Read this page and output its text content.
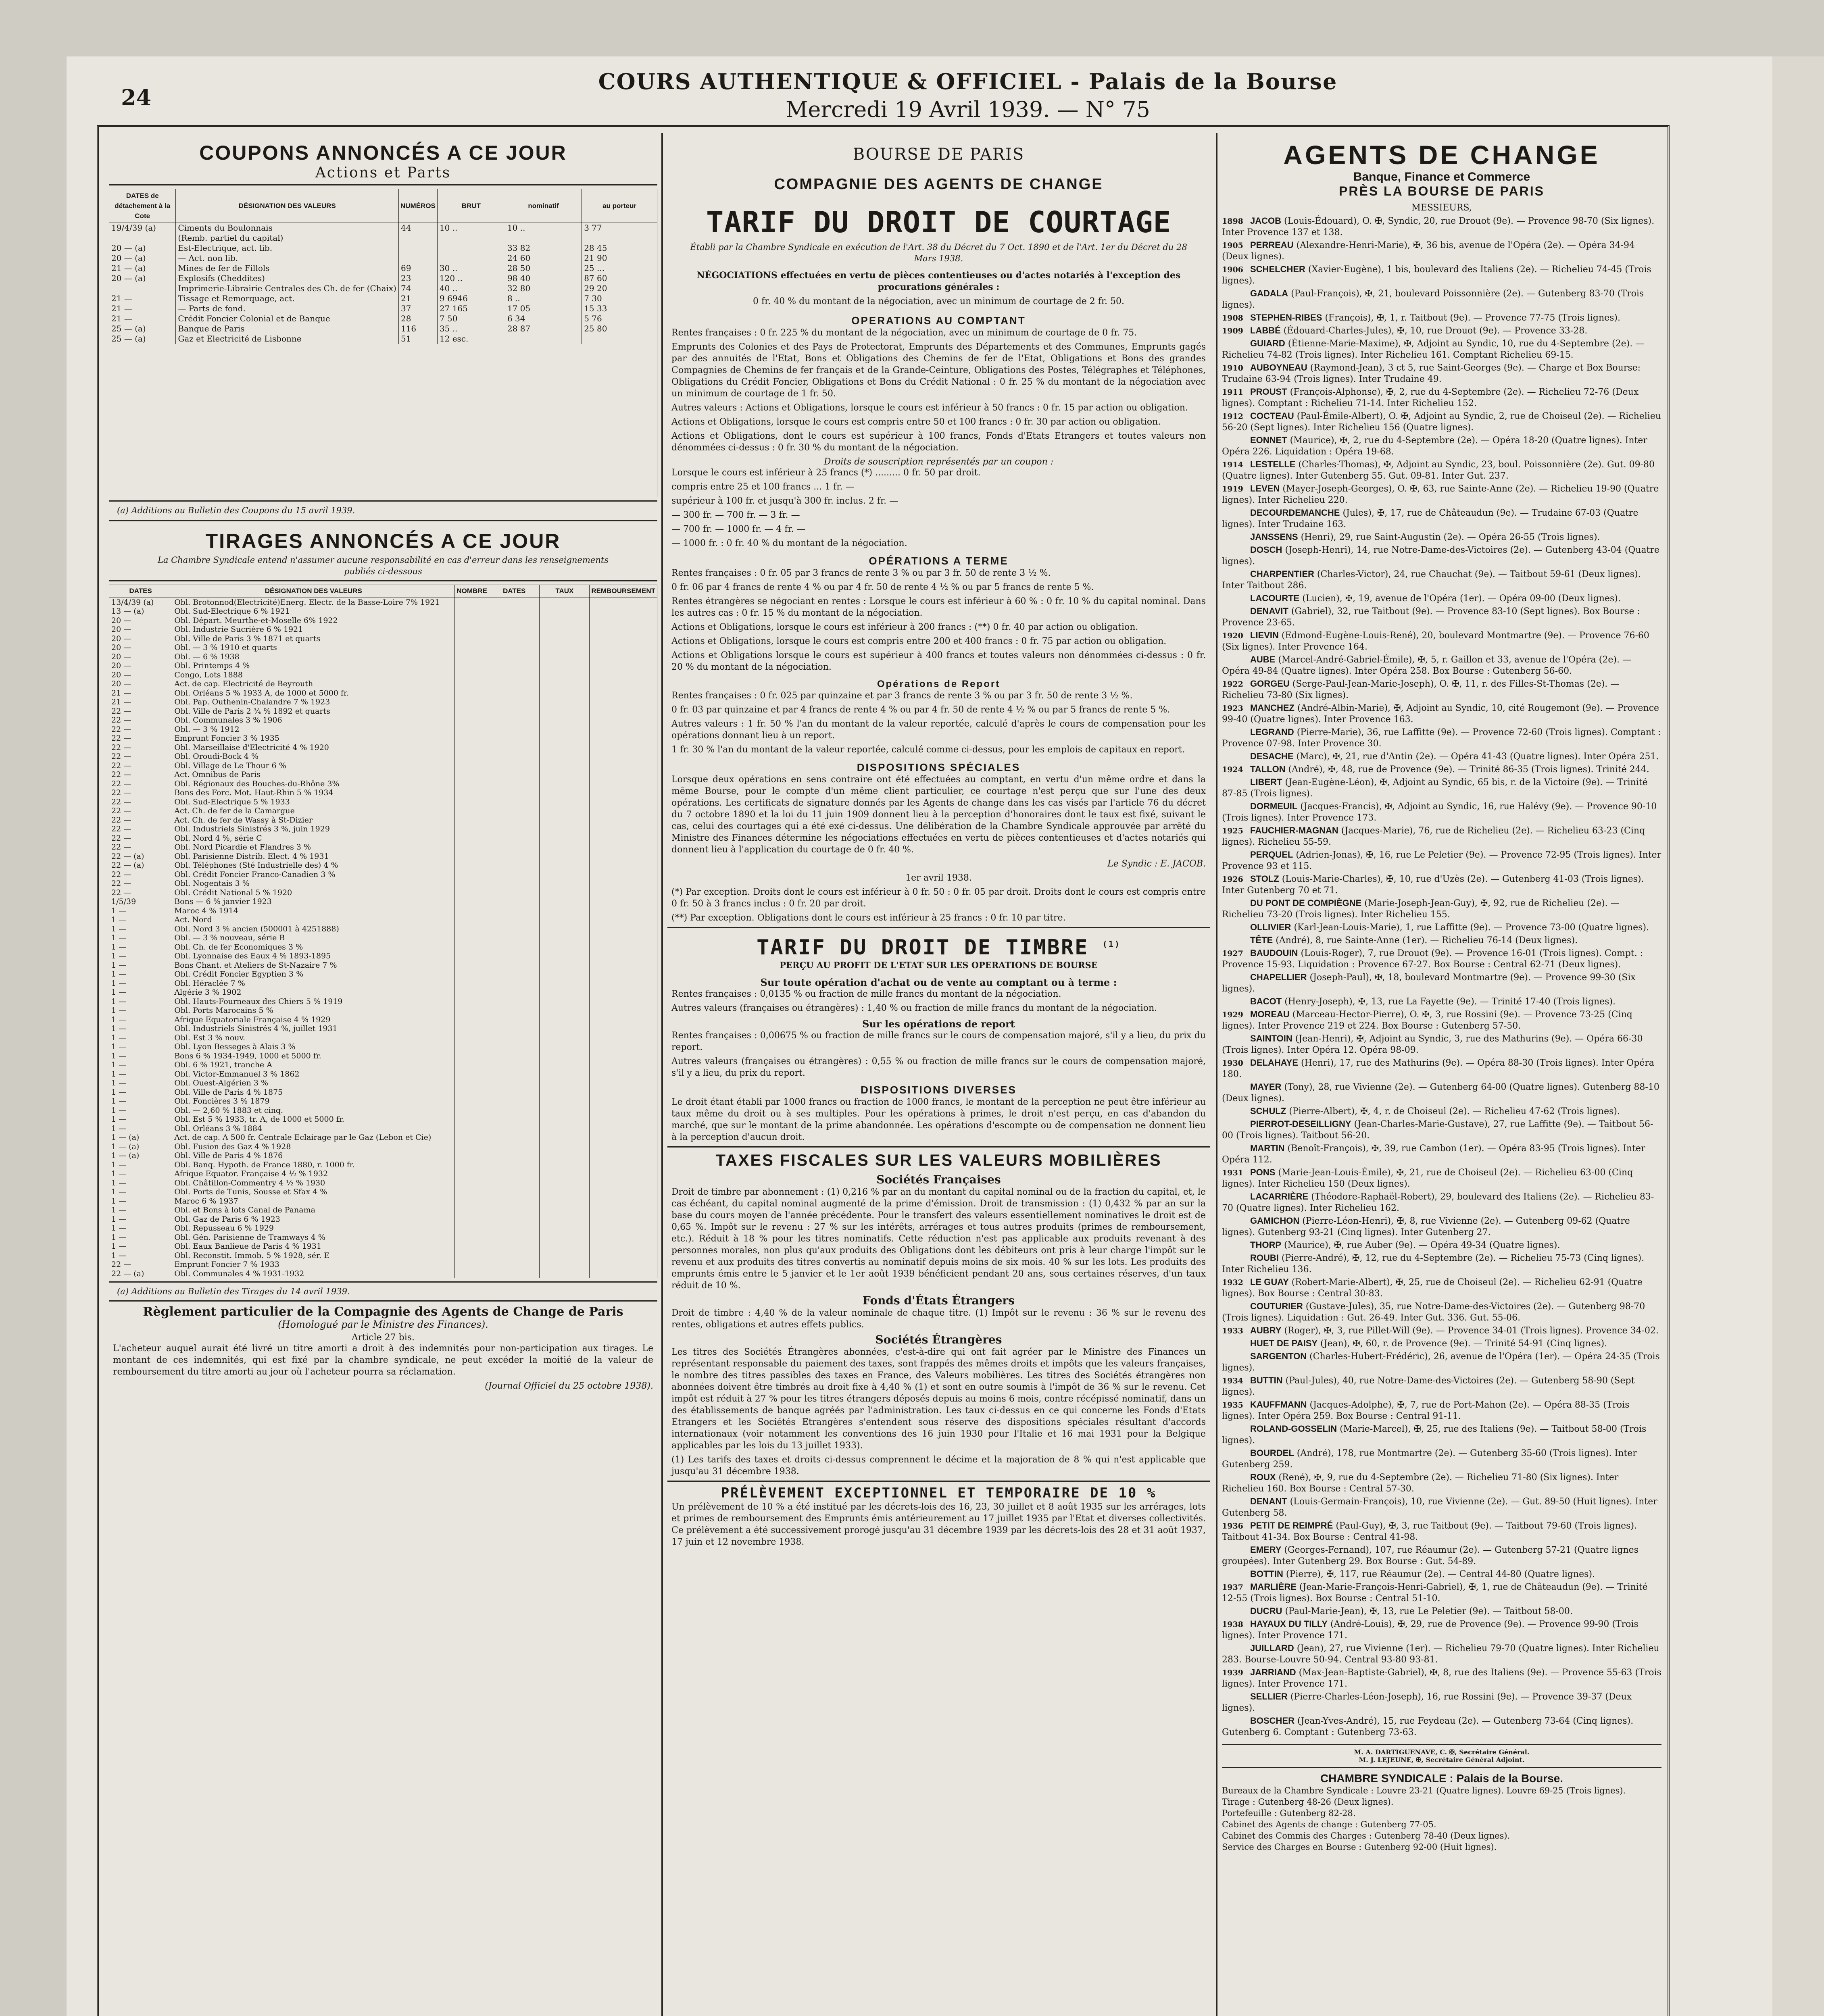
24
COURS AUTHENTIQUE & OFFICIEL - Palais de la Bourse
Mercredi 19 Avril 1939. — N° 75
COUPONS ANNONCÉS A CE JOUR
Actions et Parts
DATES de détachement à la Cote	DÉSIGNATION DES VALEURS	NUMÉROS	BRUT	nominatif	au porteur
19/4/39 (a)	Ciments du Boulonnais	44	10 ..	10 ..	3 77
	(Remb. partiel du capital)				
20 — (a)	Est-Electrique, act. lib.			33 82	28 45
20 — (a)	— Act. non lib.			24 60	21 90
21 — (a)	Mines de fer de Fillols	69	30 ..	28 50	25 ...
20 — (a)	Explosifs (Cheddites)	23	120 ..	98 40	87 60
	Imprimerie-Librairie Centrales des Ch. de fer (Chaix)	74	40 ..	32 80	29 20
21 —	Tissage et Remorquage, act.	21	9 6946	8 ..	7 30
21 —	— Parts de fond.	37	27 165	17 05	15 33
21 —	Crédit Foncier Colonial et de Banque	28	7 50	6 34	5 76
25 — (a)	Banque de Paris	116	35 ..	28 87	25 80
25 — (a)	Gaz et Electricité de Lisbonne	51	12 esc.		
(a) Additions au Bulletin des Coupons du 15 avril 1939.
TIRAGES ANNONCÉS A CE JOUR
La Chambre Syndicale entend n'assumer aucune responsabilité en cas d'erreur dans les renseignements publiés ci-dessous
DATES	DÉSIGNATION DES VALEURS	NOMBRE	DATES	TAUX	REMBOURSEMENT
13/4/39 (a)	Obl. Brotonnod(Electricité)Energ. Electr. de la Basse-Loire 7% 1921				
13 — (a)	Obl. Sud-Electrique 6 % 1921				
20 —	Obl. Départ. Meurthe-et-Moselle 6% 1922				
20 —	Obl. Industrie Sucrière 6 % 1921				
20 —	Obl. Ville de Paris 3 % 1871 et quarts				
20 —	Obl. — 3 % 1910 et quarts				
20 —	Obl. — 6 % 1938				
20 —	Obl. Printemps 4 %				
20 —	Congo, Lots 1888				
20 —	Act. de cap. Electricité de Beyrouth				
21 —	Obl. Orléans 5 % 1933 A, de 1000 et 5000 fr.				
21 —	Obl. Pap. Outhenin-Chalandre 7 % 1923				
22 —	Obl. Ville de Paris 2 ¾ % 1892 et quarts				
22 —	Obl. Communales 3 % 1906				
22 —	Obl. — 3 % 1912				
22 —	Emprunt Foncier 3 % 1935				
22 —	Obl. Marseillaise d'Electricité 4 % 1920				
22 —	Obl. Oroudi-Bock 4 %				
22 —	Obl. Village de Le Thour 6 %				
22 —	Act. Omnibus de Paris				
22 —	Obl. Régionaux des Bouches-du-Rhône 3%				
22 —	Bons des Forc. Mot. Haut-Rhin 5 % 1934				
22 —	Obl. Sud-Electrique 5 % 1933				
22 —	Act. Ch. de fer de la Camargue				
22 —	Act. Ch. de fer de Wassy à St-Dizier				
22 —	Obl. Industriels Sinistrés 3 %, juin 1929				
22 —	Obl. Nord 4 %, série C				
22 —	Obl. Nord Picardie et Flandres 3 %				
22 — (a)	Obl. Parisienne Distrib. Elect. 4 % 1931				
22 — (a)	Obl. Téléphones (Sté Industrielle des) 4 %				
22 —	Obl. Crédit Foncier Franco-Canadien 3 %				
22 —	Obl. Nogentais 3 %				
22 —	Obl. Crédit National 5 % 1920				
1/5/39	Bons — 6 % janvier 1923				
1 —	Maroc 4 % 1914				
1 —	Act. Nord				
1 —	Obl. Nord 3 % ancien (500001 à 4251888)				
1 —	Obl. — 3 % nouveau, série B				
1 —	Obl. Ch. de fer Economiques 3 %				
1 —	Obl. Lyonnaise des Eaux 4 % 1893-1895				
1 —	Bons Chant. et Ateliers de St-Nazaire 7 %				
1 —	Obl. Crédit Foncier Egyptien 3 %				
1 —	Obl. Héraclée 7 %				
1 —	Algérie 3 % 1902				
1 —	Obl. Hauts-Fourneaux des Chiers 5 % 1919				
1 —	Obl. Ports Marocains 5 %				
1 —	Afrique Equatoriale Française 4 % 1929				
1 —	Obl. Industriels Sinistrés 4 %, juillet 1931				
1 —	Obl. Est 3 % nouv.				
1 —	Obl. Lyon Besseges à Alais 3 %				
1 —	Bons 6 % 1934-1949, 1000 et 5000 fr.				
1 —	Obl. 6 % 1921, tranche A				
1 —	Obl. Victor-Emmanuel 3 % 1862				
1 —	Obl. Ouest-Algérien 3 %				
1 —	Obl. Ville de Paris 4 % 1875				
1 —	Obl. Foncières 3 % 1879				
1 —	Obl. — 2,60 % 1883 et cinq.				
1 —	Obl. Est 5 % 1933, tr. A, de 1000 et 5000 fr.				
1 —	Obl. Orléans 3 % 1884				
1 — (a)	Act. de cap. A 500 fr. Centrale Eclairage par le Gaz (Lebon et Cie)				
1 — (a)	Obl. Fusion des Gaz 4 % 1928				
1 — (a)	Obl. Ville de Paris 4 % 1876				
1 —	Obl. Banq. Hypoth. de France 1880, r. 1000 fr.				
1 —	Afrique Equator. Française 4 ½ % 1932				
1 —	Obl. Châtillon-Commentry 4 ½ % 1930				
1 —	Obl. Ports de Tunis, Sousse et Sfax 4 %				
1 —	Maroc 6 % 1937				
1 —	Obl. et Bons à lots Canal de Panama				
1 —	Obl. Gaz de Paris 6 % 1923				
1 —	Obl. Repusseau 6 % 1929				
1 —	Obl. Gén. Parisienne de Tramways 4 %				
1 —	Obl. Eaux Banlieue de Paris 4 % 1931				
1 —	Obl. Reconstit. Immob. 5 % 1928, sér. E				
22 —	Emprunt Foncier 7 % 1933				
22 — (a)	Obl. Communales 4 % 1931-1932				
(a) Additions au Bulletin des Tirages du 14 avril 1939.
Règlement particulier de la Compagnie des Agents de Change de Paris
(Homologué par le Ministre des Finances).
Article 27 bis.
L'acheteur auquel aurait été livré un titre amorti a droit à des indemnités pour non-participation aux tirages. Le montant de ces indemnités, qui est fixé par la chambre syndicale, ne peut excéder la moitié de la valeur de remboursement du titre amorti au jour où l'acheteur pourra sa réclamation.
(Journal Officiel du 25 octobre 1938).
BOURSE DE PARIS
COMPAGNIE DES AGENTS DE CHANGE
TARIF DU DROIT DE COURTAGE
Établi par la Chambre Syndicale en exécution de l'Art. 38 du Décret du 7 Oct. 1890 et de l'Art. 1er du Décret du 28 Mars 1938.
NÉGOCIATIONS effectuées en vertu de pièces contentieuses ou d'actes notariés à l'exception des procurations générales :
0 fr. 40 % du montant de la négociation, avec un minimum de courtage de 2 fr. 50.
OPERATIONS AU COMPTANT
Rentes françaises : 0 fr. 225 % du montant de la négociation, avec un minimum de courtage de 0 fr. 75.
Emprunts des Colonies et des Pays de Protectorat, Emprunts des Départements et des Communes, Emprunts gagés par des annuités de l'Etat, Bons et Obligations des Chemins de fer de l'Etat, Obligations et Bons des grandes Compagnies de Chemins de fer français et de la Grande-Ceinture, Obligations des Postes, Télégraphes et Téléphones, Obligations du Crédit Foncier, Obligations et Bons du Crédit National : 0 fr. 25 % du montant de la négociation avec un minimum de courtage de 1 fr. 50.
Autres valeurs : Actions et Obligations, lorsque le cours est inférieur à 50 francs : 0 fr. 15 par action ou obligation.
Actions et Obligations, lorsque le cours est compris entre 50 et 100 francs : 0 fr. 30 par action ou obligation.
Actions et Obligations, dont le cours est supérieur à 100 francs, Fonds d'Etats Etrangers et toutes valeurs non dénommées ci-dessus : 0 fr. 30 % du montant de la négociation.
Droits de souscription représentés par un coupon :
Lorsque le cours est inférieur à 25 francs (*) ......... 0 fr. 50 par droit.
compris entre 25 et 100 francs ... 1 fr. —
supérieur à 100 fr. et jusqu'à 300 fr. inclus. 2 fr. —
— 300 fr. — 700 fr. — 3 fr. —
— 700 fr. — 1000 fr. — 4 fr. —
— 1000 fr. : 0 fr. 40 % du montant de la négociation.
OPÉRATIONS A TERME
Rentes françaises : 0 fr. 05 par 3 francs de rente 3 % ou par 3 fr. 50 de rente 3 ½ %.
0 fr. 06 par 4 francs de rente 4 % ou par 4 fr. 50 de rente 4 ½ % ou par 5 francs de rente 5 %.
Rentes étrangères se négociant en rentes : Lorsque le cours est inférieur à 60 % : 0 fr. 10 % du capital nominal. Dans les autres cas : 0 fr. 15 % du montant de la négociation.
Actions et Obligations, lorsque le cours est inférieur à 200 francs : (**) 0 fr. 40 par action ou obligation.
Actions et Obligations, lorsque le cours est compris entre 200 et 400 francs : 0 fr. 75 par action ou obligation.
Actions et Obligations lorsque le cours est supérieur à 400 francs et toutes valeurs non dénommées ci-dessus : 0 fr. 20 % du montant de la négociation.
Opérations de Report
Rentes françaises : 0 fr. 025 par quinzaine et par 3 francs de rente 3 % ou par 3 fr. 50 de rente 3 ½ %.
0 fr. 03 par quinzaine et par 4 francs de rente 4 % ou par 4 fr. 50 de rente 4 ½ % ou par 5 francs de rente 5 %.
Autres valeurs : 1 fr. 50 % l'an du montant de la valeur reportée, calculé d'après le cours de compensation pour les opérations donnant lieu à un report.
1 fr. 30 % l'an du montant de la valeur reportée, calculé comme ci-dessus, pour les emplois de capitaux en report.
DISPOSITIONS SPÉCIALES
Lorsque deux opérations en sens contraire ont été effectuées au comptant, en vertu d'un même ordre et dans la même Bourse, pour le compte d'un même client particulier, ce courtage n'est perçu que sur l'une des deux opérations. Les certificats de signature donnés par les Agents de change dans les cas visés par l'article 76 du décret du 7 octobre 1890 et la loi du 11 juin 1909 donnent lieu à la perception d'honoraires dont le taux est fixé, suivant le cas, celui des courtages qui a été exé ci-dessus. Une délibération de la Chambre Syndicale approuvée par arrêté du Ministre des Finances détermine les négociations effectuées en vertu de pièces contentieuses et d'actes notariés qui donnent lieu à l'application du courtage de 0 fr. 40 %.
Le Syndic : E. JACOB.
1er avril 1938.
(*) Par exception. Droits dont le cours est inférieur à 0 fr. 50 : 0 fr. 05 par droit. Droits dont le cours est compris entre 0 fr. 50 à 3 francs inclus : 0 fr. 20 par droit.
(**) Par exception. Obligations dont le cours est inférieur à 25 francs : 0 fr. 10 par titre.
TARIF DU DROIT DE TIMBRE $^{(1)}$
PERÇU AU PROFIT DE L'ETAT SUR LES OPERATIONS DE BOURSE
Sur toute opération d'achat ou de vente au comptant ou à terme :
Rentes françaises : 0,0135 % ou fraction de mille francs du montant de la négociation.
Autres valeurs (françaises ou étrangères) : 1,40 % ou fraction de mille francs du montant de la négociation.
Sur les opérations de report
Rentes françaises : 0,00675 % ou fraction de mille francs sur le cours de compensation majoré, s'il y a lieu, du prix du report.
Autres valeurs (françaises ou étrangères) : 0,55 % ou fraction de mille francs sur le cours de compensation majoré, s'il y a lieu, du prix du report.
DISPOSITIONS DIVERSES
Le droit étant établi par 1000 francs ou fraction de 1000 francs, le montant de la perception ne peut être inférieur au taux même du droit ou à ses multiples. Pour les opérations à primes, le droit n'est perçu, en cas d'abandon du marché, que sur le montant de la prime abandonnée. Les opérations d'escompte ou de compensation ne donnent lieu à la perception d'aucun droit.
TAXES FISCALES SUR LES VALEURS MOBILIÈRES
Sociétés Françaises
Droit de timbre par abonnement : (1) 0,216 % par an du montant du capital nominal ou de la fraction du capital, et, le cas échéant, du capital nominal augmenté de la prime d'émission. Droit de transmission : (1) 0,432 % par an sur la base du cours moyen de l'année précédente. Pour le transfert des valeurs essentiellement nominatives le droit est de 0,65 %. Impôt sur le revenu : 27 % sur les intérêts, arrérages et tous autres produits (primes de remboursement, etc.). Réduit à 18 % pour les titres nominatifs. Cette réduction n'est pas applicable aux produits revenant à des personnes morales, non plus qu'aux produits des Obligations dont les débiteurs ont pris à leur charge l'impôt sur le revenu et aux produits des titres convertis au nominatif depuis moins de six mois. 40 % sur les lots. Les produits des emprunts émis entre le 5 janvier et le 1er août 1939 bénéficient pendant 20 ans, sous certaines réserves, d'un taux réduit de 10 %.
Fonds d'États Étrangers
Droit de timbre : 4,40 % de la valeur nominale de chaque titre. (1) Impôt sur le revenu : 36 % sur le revenu des rentes, obligations et autres effets publics.
Sociétés Étrangères
Les titres des Sociétés Étrangères abonnées, c'est-à-dire qui ont fait agréer par le Ministre des Finances un représentant responsable du paiement des taxes, sont frappés des mêmes droits et impôts que les valeurs françaises, le nombre des titres passibles des taxes en France, des Valeurs mobilières. Les titres des Sociétés étrangères non abonnées doivent être timbrés au droit fixe à 4,40 % (1) et sont en outre soumis à l'impôt de 36 % sur le revenu. Cet impôt est réduit à 27 % pour les titres étrangers déposés depuis au moins 6 mois, contre récépissé nominatif, dans un des établissements de banque agréés par l'administration. Les taux ci-dessus en ce qui concerne les Fonds d'Etats Etrangers et les Sociétés Etrangères s'entendent sous réserve des dispositions spéciales résultant d'accords internationaux (voir notamment les conventions des 16 juin 1930 pour l'Italie et 16 mai 1931 pour la Belgique applicables par les lois du 13 juillet 1933).
(1) Les tarifs des taxes et droits ci-dessus comprennent le décime et la majoration de 8 % qui n'est applicable que jusqu'au 31 décembre 1938.
PRÉLÈVEMENT EXCEPTIONNEL ET TEMPORAIRE DE 10 %
Un prélèvement de 10 % a été institué par les décrets-lois des 16, 23, 30 juillet et 8 août 1935 sur les arrérages, lots et primes de remboursement des Emprunts émis antérieurement au 17 juillet 1935 par l'Etat et diverses collectivités. Ce prélèvement a été successivement prorogé jusqu'au 31 décembre 1939 par les décrets-lois des 28 et 31 août 1937, 17 juin et 12 novembre 1938.
AGENTS DE CHANGE
Banque, Finance et Commerce
PRÈS LA BOURSE DE PARIS
MESSIEURS,
1898 JACOB (Louis-Édouard), O. ✠, Syndic, 20, rue Drouot (9e). — Provence 98-70 (Six lignes). Inter Provence 137 et 138.
1905 PERREAU (Alexandre-Henri-Marie), ✠, 36 bis, avenue de l'Opéra (2e). — Opéra 34-94 (Deux lignes).
1906 SCHELCHER (Xavier-Eugène), 1 bis, boulevard des Italiens (2e). — Richelieu 74-45 (Trois lignes).
GADALA (Paul-François), ✠, 21, boulevard Poissonnière (2e). — Gutenberg 83-70 (Trois lignes).
1908 STEPHEN-RIBES (François), ✠, 1, r. Taitbout (9e). — Provence 77-75 (Trois lignes).
1909 LABBÉ (Édouard-Charles-Jules), ✠, 10, rue Drouot (9e). — Provence 33-28.
GUIARD (Étienne-Marie-Maxime), ✠, Adjoint au Syndic, 10, rue du 4-Septembre (2e). — Richelieu 74-82 (Trois lignes). Inter Richelieu 161. Comptant Richelieu 69-15.
1910 AUBOYNEAU (Raymond-Jean), 3 ct 5, rue Saint-Georges (9e). — Charge et Box Bourse: Trudaine 63-94 (Trois lignes). Inter Trudaine 49.
1911 PROUST (François-Alphonse), ✠, 2, rue du 4-Septembre (2e). — Richelieu 72-76 (Deux lignes). Comptant : Richelieu 71-14. Inter Richelieu 152.
1912 COCTEAU (Paul-Émile-Albert), O. ✠, Adjoint au Syndic, 2, rue de Choiseul (2e). — Richelieu 56-20 (Sept lignes). Inter Richelieu 156 (Quatre lignes).
EONNET (Maurice), ✠, 2, rue du 4-Septembre (2e). — Opéra 18-20 (Quatre lignes). Inter Opéra 226. Liquidation : Opéra 19-68.
1914 LESTELLE (Charles-Thomas), ✠, Adjoint au Syndic, 23, boul. Poissonnière (2e). Gut. 09-80 (Quatre lignes). Inter Gutenberg 55. Gut. 09-81. Inter Gut. 237.
1919 LEVEN (Mayer-Joseph-Georges), O. ✠, 63, rue Sainte-Anne (2e). — Richelieu 19-90 (Quatre lignes). Inter Richelieu 220.
DECOURDEMANCHE (Jules), ✠, 17, rue de Châteaudun (9e). — Trudaine 67-03 (Quatre lignes). Inter Trudaine 163.
JANSSENS (Henri), 29, rue Saint-Augustin (2e). — Opéra 26-55 (Trois lignes).
DOSCH (Joseph-Henri), 14, rue Notre-Dame-des-Victoires (2e). — Gutenberg 43-04 (Quatre lignes).
CHARPENTIER (Charles-Victor), 24, rue Chauchat (9e). — Taitbout 59-61 (Deux lignes). Inter Taitbout 286.
LACOURTE (Lucien), ✠, 19, avenue de l'Opéra (1er). — Opéra 09-00 (Deux lignes).
DENAVIT (Gabriel), 32, rue Taitbout (9e). — Provence 83-10 (Sept lignes). Box Bourse : Provence 23-65.
1920 LIEVIN (Edmond-Eugène-Louis-René), 20, boulevard Montmartre (9e). — Provence 76-60 (Six lignes). Inter Provence 164.
AUBE (Marcel-André-Gabriel-Émile), ✠, 5, r. Gaillon et 33, avenue de l'Opéra (2e). — Opéra 49-84 (Quatre lignes). Inter Opéra 258. Box Bourse : Gutenberg 56-60.
1922 GORGEU (Serge-Paul-Jean-Marie-Joseph), O. ✠, 11, r. des Filles-St-Thomas (2e). — Richelieu 73-80 (Six lignes).
1923 MANCHEZ (André-Albin-Marie), ✠, Adjoint au Syndic, 10, cité Rougemont (9e). — Provence 99-40 (Quatre lignes). Inter Provence 163.
LEGRAND (Pierre-Marie), 36, rue Laffitte (9e). — Provence 72-60 (Trois lignes). Comptant : Provence 07-98. Inter Provence 30.
DESACHE (Marc), ✠, 21, rue d'Antin (2e). — Opéra 41-43 (Quatre lignes). Inter Opéra 251.
1924 TALLON (André), ✠, 48, rue de Provence (9e). — Trinité 86-35 (Trois lignes). Trinité 244.
LIBERT (Jean-Eugène-Léon), ✠, Adjoint au Syndic, 65 bis, r. de la Victoire (9e). — Trinité 87-85 (Trois lignes).
DORMEUIL (Jacques-Francis), ✠, Adjoint au Syndic, 16, rue Halévy (9e). — Provence 90-10 (Trois lignes). Inter Provence 173.
1925 FAUCHIER-MAGNAN (Jacques-Marie), 76, rue de Richelieu (2e). — Richelieu 63-23 (Cinq lignes). Richelieu 55-59.
PERQUEL (Adrien-Jonas), ✠, 16, rue Le Peletier (9e). — Provence 72-95 (Trois lignes). Inter Provence 93 et 115.
1926 STOLZ (Louis-Marie-Charles), ✠, 10, rue d'Uzès (2e). — Gutenberg 41-03 (Trois lignes). Inter Gutenberg 70 et 71.
DU PONT DE COMPIÈGNE (Marie-Joseph-Jean-Guy), ✠, 92, rue de Richelieu (2e). — Richelieu 73-20 (Trois lignes). Inter Richelieu 155.
OLLIVIER (Karl-Jean-Louis-Marie), 1, rue Laffitte (9e). — Provence 73-00 (Quatre lignes).
TÊTE (André), 8, rue Sainte-Anne (1er). — Richelieu 76-14 (Deux lignes).
1927 BAUDOUIN (Louis-Roger), 7, rue Drouot (9e). — Provence 16-01 (Trois lignes). Compt. : Provence 15-93. Liquidation : Provence 67-27. Box Bourse : Central 62-71 (Deux lignes).
CHAPELLIER (Joseph-Paul), ✠, 18, boulevard Montmartre (9e). — Provence 99-30 (Six lignes).
BACOT (Henry-Joseph), ✠, 13, rue La Fayette (9e). — Trinité 17-40 (Trois lignes).
1929 MOREAU (Marceau-Hector-Pierre), O. ✠, 3, rue Rossini (9e). — Provence 73-25 (Cinq lignes). Inter Provence 219 et 224. Box Bourse : Gutenberg 57-50.
SAINTOIN (Jean-Henri), ✠, Adjoint au Syndic, 3, rue des Mathurins (9e). — Opéra 66-30 (Trois lignes). Inter Opéra 12. Opéra 98-09.
1930 DELAHAYE (Henri), 17, rue des Mathurins (9e). — Opéra 88-30 (Trois lignes). Inter Opéra 180.
MAYER (Tony), 28, rue Vivienne (2e). — Gutenberg 64-00 (Quatre lignes). Gutenberg 88-10 (Deux lignes).
SCHULZ (Pierre-Albert), ✠, 4, r. de Choiseul (2e). — Richelieu 47-62 (Trois lignes).
PIERROT-DESEILLIGNY (Jean-Charles-Marie-Gustave), 27, rue Laffitte (9e). — Taitbout 56-00 (Trois lignes). Taitbout 56-20.
MARTIN (Benoît-François), ✠, 39, rue Cambon (1er). — Opéra 83-95 (Trois lignes). Inter Opéra 112.
1931 PONS (Marie-Jean-Louis-Émile), ✠, 21, rue de Choiseul (2e). — Richelieu 63-00 (Cinq lignes). Inter Richelieu 150 (Deux lignes).
LACARRIÈRE (Théodore-Raphaël-Robert), 29, boulevard des Italiens (2e). — Richelieu 83-70 (Quatre lignes). Inter Richelieu 162.
GAMICHON (Pierre-Léon-Henri), ✠, 8, rue Vivienne (2e). — Gutenberg 09-62 (Quatre lignes). Gutenberg 93-21 (Cinq lignes). Inter Gutenberg 27.
THORP (Maurice), ✠, rue Auber (9e). — Opéra 49-34 (Quatre lignes).
ROUBI (Pierre-André), ✠, 12, rue du 4-Septembre (2e). — Richelieu 75-73 (Cinq lignes). Inter Richelieu 136.
1932 LE GUAY (Robert-Marie-Albert), ✠, 25, rue de Choiseul (2e). — Richelieu 62-91 (Quatre lignes). Box Bourse : Central 30-83.
COUTURIER (Gustave-Jules), 35, rue Notre-Dame-des-Victoires (2e). — Gutenberg 98-70 (Trois lignes). Liquidation : Gut. 26-49. Inter Gut. 336. Gut. 55-06.
1933 AUBRY (Roger), ✠, 3, rue Pillet-Will (9e). — Provence 34-01 (Trois lignes). Provence 34-02.
HUET DE PAISY (Jean), ✠, 60, r. de Provence (9e). — Trinité 54-91 (Cinq lignes).
SARGENTON (Charles-Hubert-Frédéric), 26, avenue de l'Opéra (1er). — Opéra 24-35 (Trois lignes).
1934 BUTTIN (Paul-Jules), 40, rue Notre-Dame-des-Victoires (2e). — Gutenberg 58-90 (Sept lignes).
1935 KAUFFMANN (Jacques-Adolphe), ✠, 7, rue de Port-Mahon (2e). — Opéra 88-35 (Trois lignes). Inter Opéra 259. Box Bourse : Central 91-11.
ROLAND-GOSSELIN (Marie-Marcel), ✠, 25, rue des Italiens (9e). — Taitbout 58-00 (Trois lignes).
BOURDEL (André), 178, rue Montmartre (2e). — Gutenberg 35-60 (Trois lignes). Inter Gutenberg 259.
ROUX (René), ✠, 9, rue du 4-Septembre (2e). — Richelieu 71-80 (Six lignes). Inter Richelieu 160. Box Bourse : Central 57-30.
DENANT (Louis-Germain-François), 10, rue Vivienne (2e). — Gut. 89-50 (Huit lignes). Inter Gutenberg 58.
1936 PETIT DE REIMPRÉ (Paul-Guy), ✠, 3, rue Taitbout (9e). — Taitbout 79-60 (Trois lignes). Taitbout 41-34. Box Bourse : Central 41-98.
EMERY (Georges-Fernand), 107, rue Réaumur (2e). — Gutenberg 57-21 (Quatre lignes groupées). Inter Gutenberg 29. Box Bourse : Gut. 54-89.
BOTTIN (Pierre), ✠, 117, rue Réaumur (2e). — Central 44-80 (Quatre lignes).
1937 MARLIÈRE (Jean-Marie-François-Henri-Gabriel), ✠, 1, rue de Châteaudun (9e). — Trinité 12-55 (Trois lignes). Box Bourse : Central 51-10.
DUCRU (Paul-Marie-Jean), ✠, 13, rue Le Peletier (9e). — Taitbout 58-00.
1938 HAYAUX DU TILLY (André-Louis), ✠, 29, rue de Provence (9e). — Provence 99-90 (Trois lignes). Inter Provence 171.
JUILLARD (Jean), 27, rue Vivienne (1er). — Richelieu 79-70 (Quatre lignes). Inter Richelieu 283. Bourse-Louvre 50-94. Central 93-80 93-81.
1939 JARRIAND (Max-Jean-Baptiste-Gabriel), ✠, 8, rue des Italiens (9e). — Provence 55-63 (Trois lignes). Inter Provence 171.
SELLIER (Pierre-Charles-Léon-Joseph), 16, rue Rossini (9e). — Provence 39-37 (Deux lignes).
BOSCHER (Jean-Yves-André), 15, rue Feydeau (2e). — Gutenberg 73-64 (Cinq lignes). Gutenberg 6. Comptant : Gutenberg 73-63.
M. A. DARTIGUENAVE, C. ✠, Secrétaire Général.
M. J. LEJEUNE, ✠, Secrétaire Général Adjoint.
CHAMBRE SYNDICALE : Palais de la Bourse.
Bureaux de la Chambre Syndicale : Louvre 23-21 (Quatre lignes). Louvre 69-25 (Trois lignes).
Tirage : Gutenberg 48-26 (Deux lignes).
Portefeuille : Gutenberg 82-28.
Cabinet des Agents de change : Gutenberg 77-05.
Cabinet des Commis des Charges : Gutenberg 78-40 (Deux lignes).
Service des Charges en Bourse : Gutenberg 92-00 (Huit lignes).
